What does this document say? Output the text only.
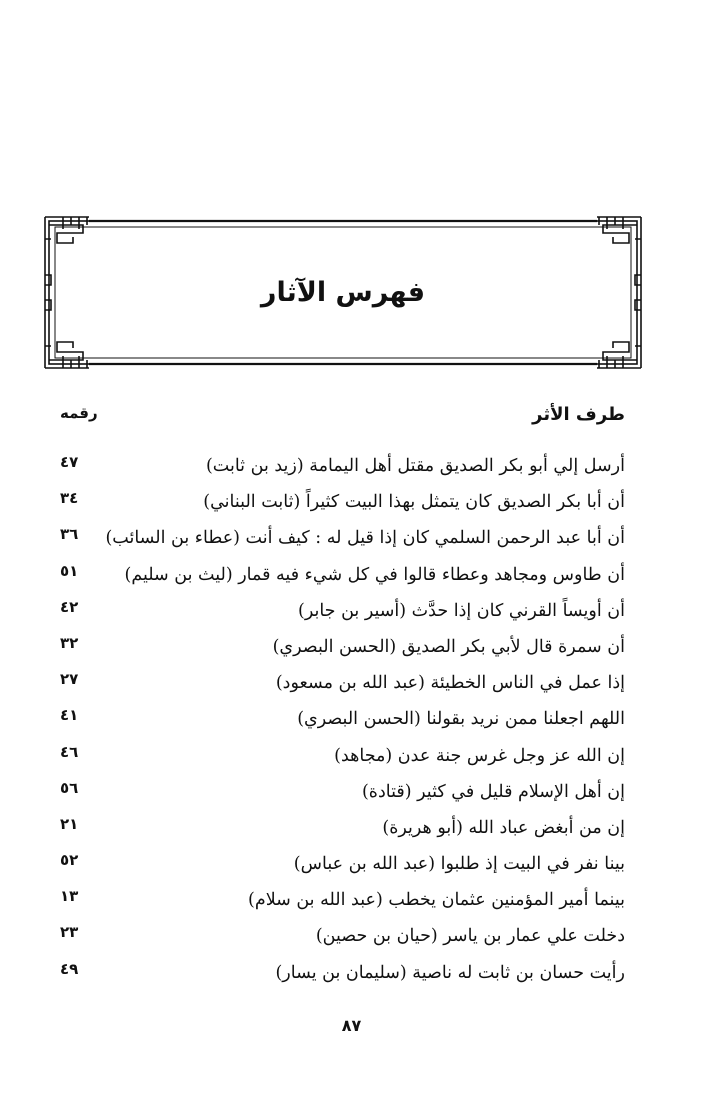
فهرس الآثار
طرف الأثر
رقمه
أرسل إلي أبو بكر الصديق مقتل أهل اليمامة (زيد بن ثابت)
٤٧
أن أبا بكر الصديق كان يتمثل بهذا البيت كثيراً (ثابت البناني)
٣٤
أن أبا عبد الرحمن السلمي كان إذا قيل له : كيف أنت (عطاء بن السائب)
٣٦
أن طاوس ومجاهد وعطاء قالوا في كل شيء فيه قمار (ليث بن سليم)
٥١
أن أويساً القرني كان إذا حدَّث (أسير بن جابر)
٤٢
أن سمرة قال لأبي بكر الصديق (الحسن البصري)
٣٢
إذا عمل في الناس الخطيئة (عبد الله بن مسعود)
٢٧
اللهم اجعلنا ممن نريد بقولنا (الحسن البصري)
٤١
إن الله عز وجل غرس جنة عدن (مجاهد)
٤٦
إن أهل الإسلام قليل في كثير (قتادة)
٥٦
إن من أبغض عباد الله (أبو هريرة)
٢١
بينا نفر في البيت إذ طلبوا (عبد الله بن عباس)
٥٢
بينما أمير المؤمنين عثمان يخطب (عبد الله بن سلام)
١٣
دخلت علي عمار بن ياسر (حيان بن حصين)
٢٣
رأيت حسان بن ثابت له ناصية (سليمان بن يسار)
٤٩
٨٧
